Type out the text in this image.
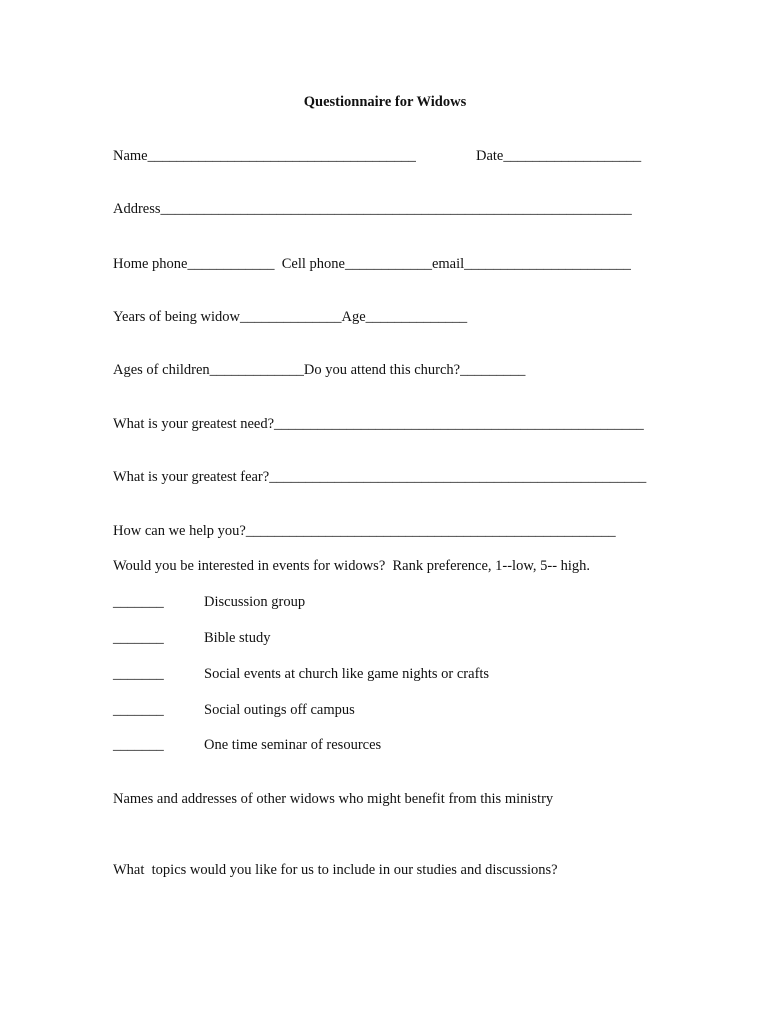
Questionnaire for Widows
Name_____________________________________	Date___________________
Address_________________________________________________________________
Home phone____________  Cell phone____________email_______________________
Years of being widow______________Age______________
Ages of children_____________Do you attend this church?_________
What is your greatest need?___________________________________________________
What is your greatest fear?____________________________________________________
How can we help you?___________________________________________________
Would you be interested in events for widows?  Rank preference, 1--low, 5-- high.
_______	Discussion group
_______	Bible study
_______	Social events at church like game nights or crafts
_______	Social outings off campus
_______	One time seminar of resources
Names and addresses of other widows who might benefit from this ministry
What  topics would you like for us to include in our studies and discussions?
